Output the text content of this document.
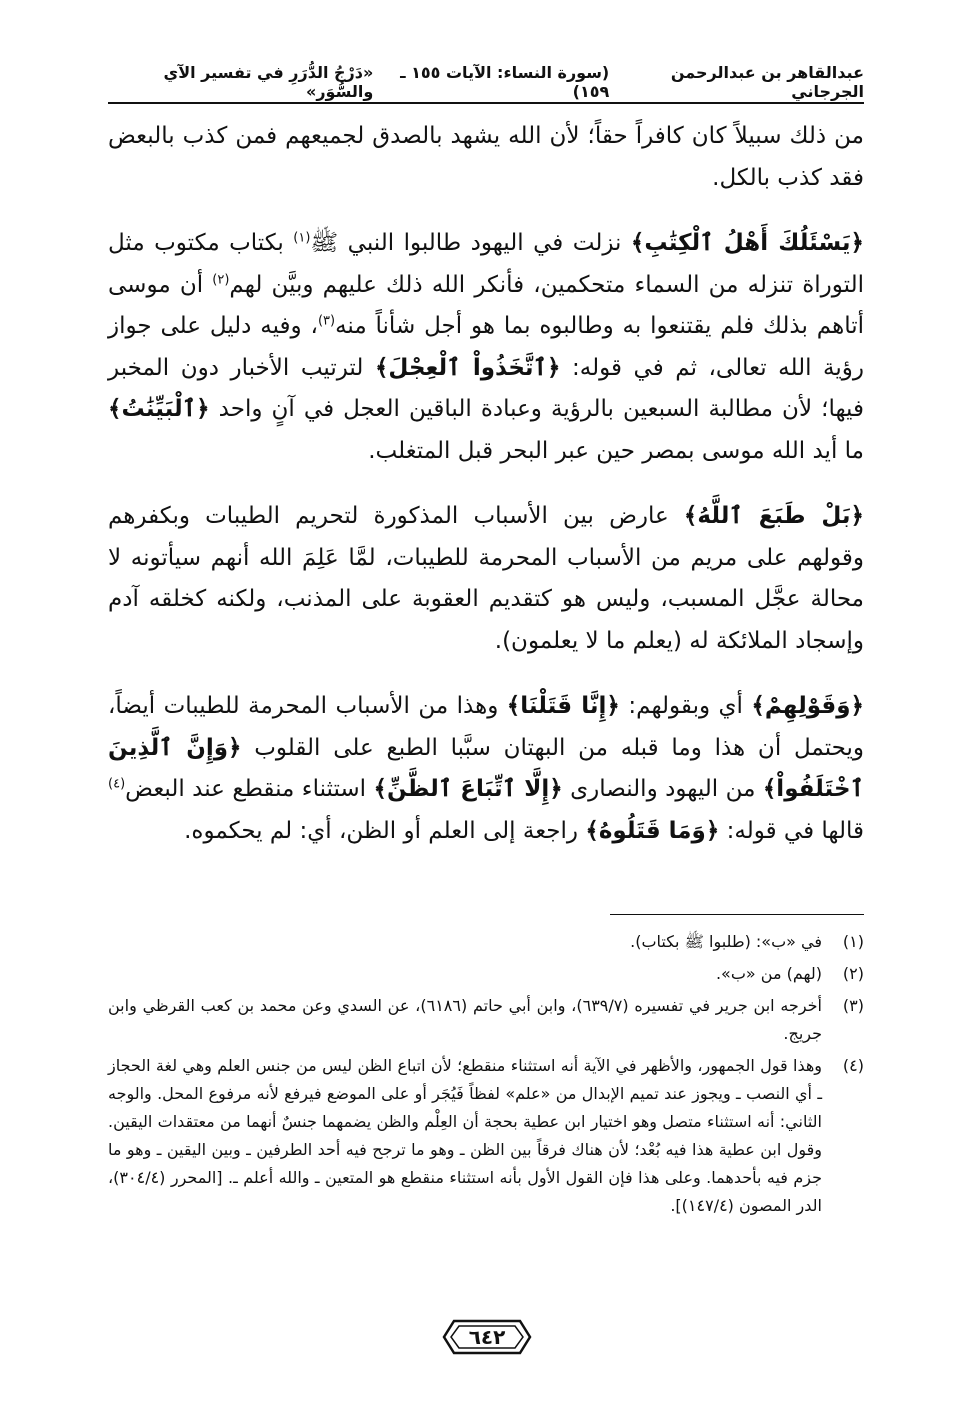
عبدالقاهر بن عبدالرحمن الجرجاني
(سورة النساء: الآيات ١٥٥ ـ ١٥٩)
«دَرْجُ الدُّرَرِ في تفسير الآي والسُّوَر»

من ذلك سبيلاً كان كافراً حقاً؛ لأن الله يشهد بالصدق لجميعهم فمن كذب بالبعض فقد كذب بالكل.

﴿يَسْئَلُكَ أَهْلُ ٱلْكِتَٰبِ﴾ نزلت في اليهود طالبوا النبي ﷺ$^{(١)}$ بكتاب مكتوب مثل التوراة تنزله من السماء متحكمين، فأنكر الله ذلك عليهم وبيَّن لهم$^{(٢)}$ أن موسى أتاهم بذلك فلم يقتنعوا به وطالبوه بما هو أجل شأناً منه$^{(٣)}$، وفيه دليل على جواز رؤية الله تعالى، ثم في قوله: ﴿ٱتَّخَذُواْ ٱلْعِجْلَ﴾ لترتيب الأخبار دون المخبر فيها؛ لأن مطالبة السبعين بالرؤية وعبادة الباقين العجل في آنٍ واحد ﴿ٱلْبَيِّنَٰتُ﴾ ما أيد الله موسى بمصر حين عبر البحر قبل المتغلب.

﴿بَلْ طَبَعَ ٱللَّهُ﴾ عارض بين الأسباب المذكورة لتحريم الطيبات وبكفرهم وقولهم على مريم من الأسباب المحرمة للطيبات، لمَّا عَلِمَ الله أنهم سيأتونه لا محالة عجَّل المسبب، وليس هو كتقديم العقوبة على المذنب، ولكنه كخلقه آدم وإسجاد الملائكة له (يعلم ما لا يعلمون).

﴿وَقَوْلِهِمْ﴾ أي وبقولهم: ﴿إِنَّا قَتَلْنَا﴾ وهذا من الأسباب المحرمة للطيبات أيضاً، ويحتمل أن هذا وما قبله من البهتان سبَّبا الطبع على القلوب ﴿وَإِنَّ ٱلَّذِينَ ٱخْتَلَفُواْ﴾ من اليهود والنصارى ﴿إِلَّا ٱتِّبَاعَ ٱلظَّنِّ﴾ استثناء منقطع عند البعض$^{(٤)}$ قالها في قوله: ﴿وَمَا قَتَلُوهُ﴾ راجعة إلى العلم أو الظن، أي: لم يحكموه.

(١)
في «ب»: (طلبوا ﷺ بكتاب).
(٢)
(لهم) من «ب».
(٣)
أخرجه ابن جرير في تفسيره (٦٣٩/٧)، وابن أبي حاتم (٦١٨٦)، عن السدي وعن محمد بن كعب القرظي وابن جريج.
(٤)
وهذا قول الجمهور، والأظهر في الآية أنه استثناء منقطع؛ لأن اتباع الظن ليس من جنس العلم وهي لغة الحجاز ـ أي النصب ـ ويجوز عند تميم الإبدال من «علم» لفظاً فَيُجَر أو على الموضع فيرفع لأنه مرفوع المحل. والوجه الثاني: أنه استثناء متصل وهو اختيار ابن عطية بحجة أن العِلْم والظن يضمهما جنسٌ أنهما من معتقدات اليقين. وقول ابن عطية هذا فيه بُعْد؛ لأن هناك فرقاً بين الظن ـ وهو ما ترجح فيه أحد الطرفين ـ وبين اليقين ـ وهو ما جزم فيه بأحدهما. وعلى هذا فإن القول الأول بأنه استثناء منقطع هو المتعين ـ والله أعلم ـ. [المحرر (٣٠٤/٤)، الدر المصون (١٤٧/٤)].
٦٤٢
